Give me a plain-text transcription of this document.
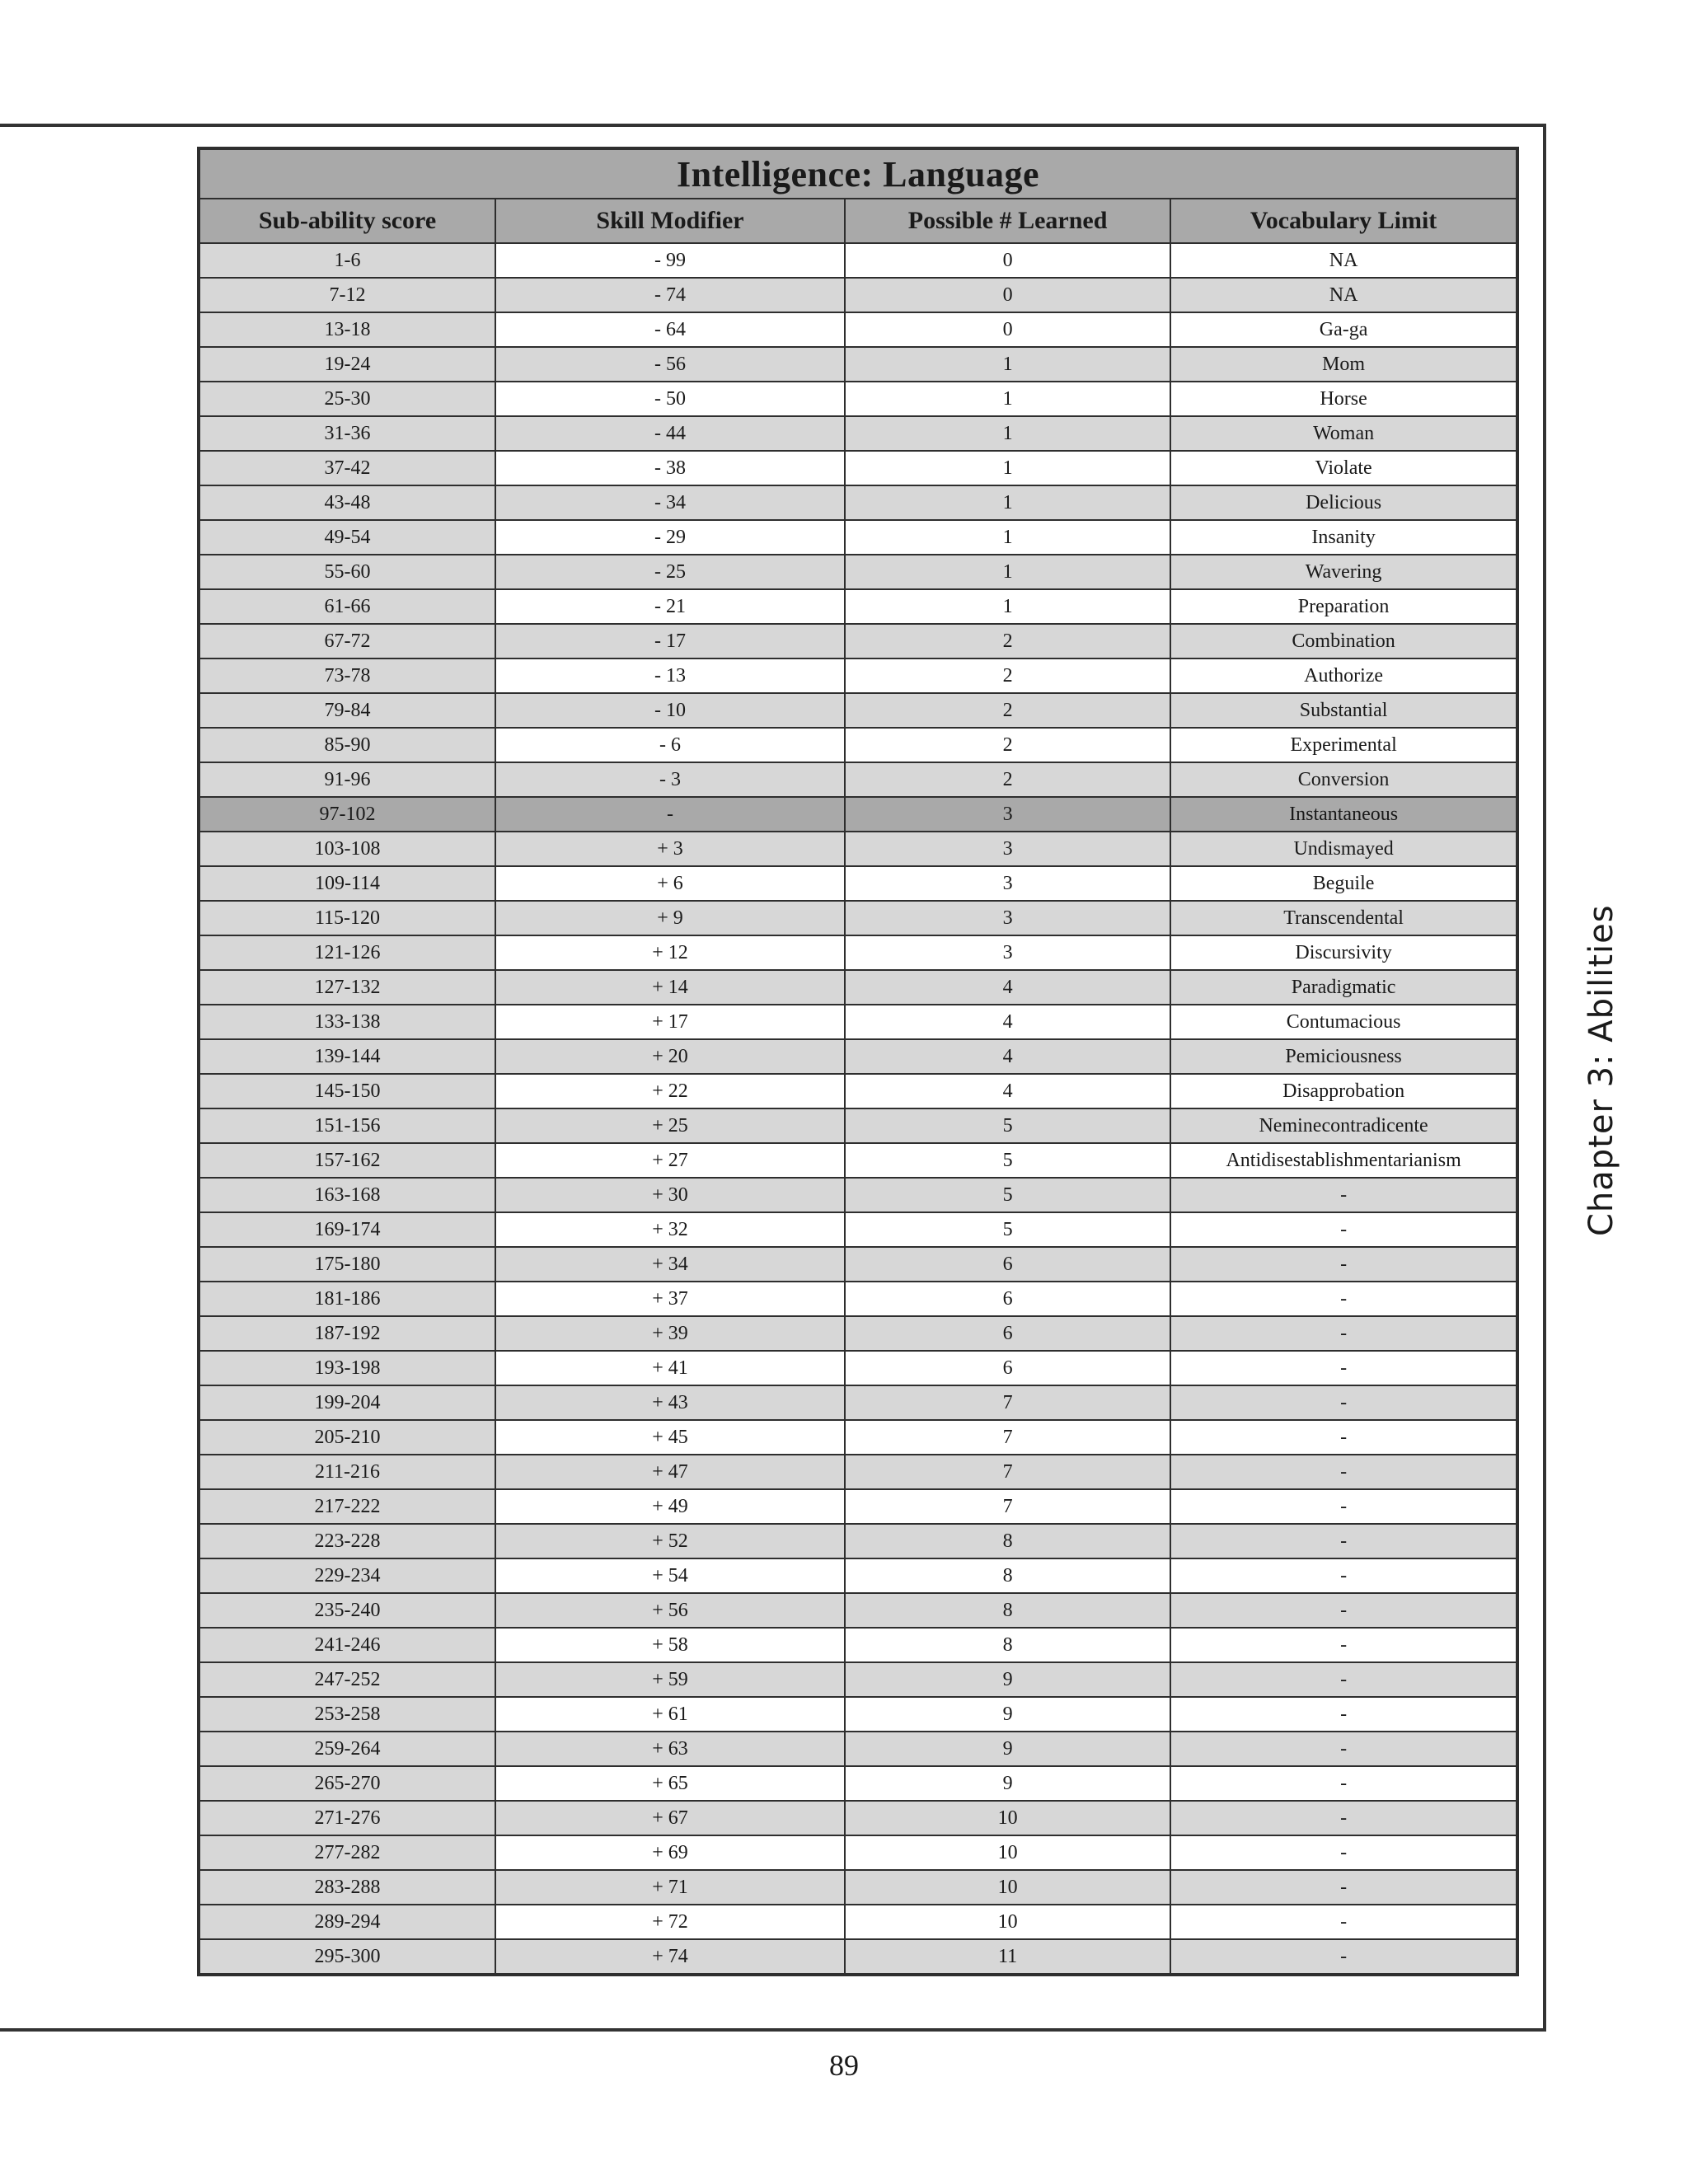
Intelligence: Language			
Sub-ability score	Skill Modifier	Possible # Learned	Vocabulary Limit
1-6	- 99	0	NA
7-12	- 74	0	NA
13-18	- 64	0	Ga-ga
19-24	- 56	1	Mom
25-30	- 50	1	Horse
31-36	- 44	1	Woman
37-42	- 38	1	Violate
43-48	- 34	1	Delicious
49-54	- 29	1	Insanity
55-60	- 25	1	Wavering
61-66	- 21	1	Preparation
67-72	- 17	2	Combination
73-78	- 13	2	Authorize
79-84	- 10	2	Substantial
85-90	- 6	2	Experimental
91-96	- 3	2	Conversion
97-102	-	3	Instantaneous
103-108	+ 3	3	Undismayed
109-114	+ 6	3	Beguile
115-120	+ 9	3	Transcendental
121-126	+ 12	3	Discursivity
127-132	+ 14	4	Paradigmatic
133-138	+ 17	4	Contumacious
139-144	+ 20	4	Pemiciousness
145-150	+ 22	4	Disapprobation
151-156	+ 25	5	Neminecontradicente
157-162	+ 27	5	Antidisestablishmentarianism
163-168	+ 30	5	-
169-174	+ 32	5	-
175-180	+ 34	6	-
181-186	+ 37	6	-
187-192	+ 39	6	-
193-198	+ 41	6	-
199-204	+ 43	7	-
205-210	+ 45	7	-
211-216	+ 47	7	-
217-222	+ 49	7	-
223-228	+ 52	8	-
229-234	+ 54	8	-
235-240	+ 56	8	-
241-246	+ 58	8	-
247-252	+ 59	9	-
253-258	+ 61	9	-
259-264	+ 63	9	-
265-270	+ 65	9	-
271-276	+ 67	10	-
277-282	+ 69	10	-
283-288	+ 71	10	-
289-294	+ 72	10	-
295-300	+ 74	11	-
Chapter 3: Abilities
89
